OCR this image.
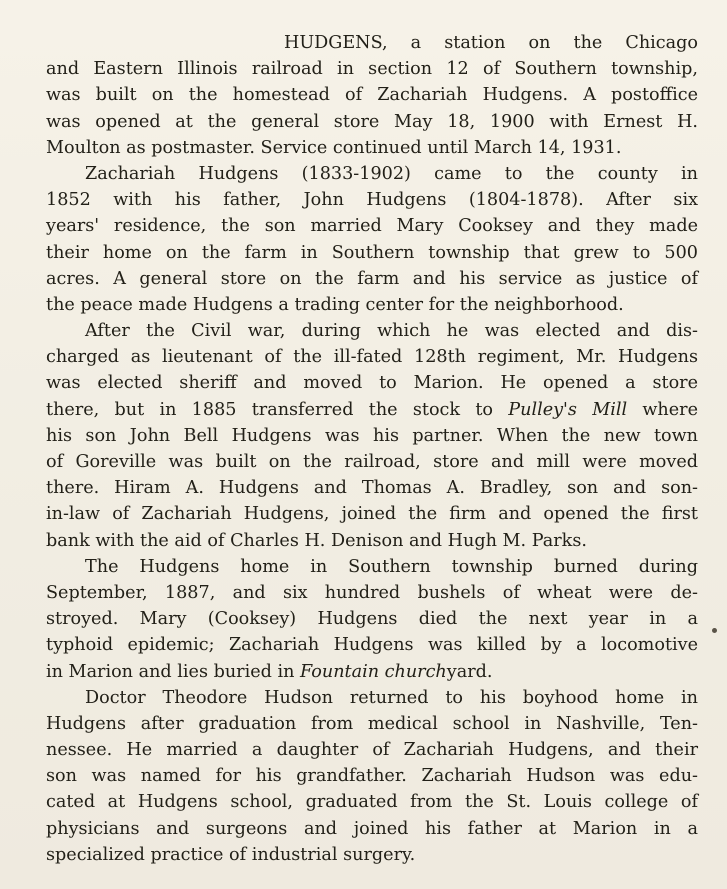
HUDGENS, a station on the Chicago
and Eastern Illinois railroad in section 12 of Southern township,
was built on the homestead of Zachariah Hudgens. A postoffice
was opened at the general store May 18, 1900 with Ernest H.
Moulton as postmaster. Service continued until March 14, 1931.
Zachariah Hudgens (1833-1902) came to the county in
1852 with his father, John Hudgens (1804-1878). After six
years' residence, the son married Mary Cooksey and they made
their home on the farm in Southern township that grew to 500
acres. A general store on the farm and his service as justice of
the peace made Hudgens a trading center for the neighborhood.
After the Civil war, during which he was elected and dis-
charged as lieutenant of the ill-fated 128th regiment, Mr. Hudgens
was elected sheriff and moved to Marion. He opened a store
there, but in 1885 transferred the stock to Pulley's Mill where
his son John Bell Hudgens was his partner. When the new town
of Goreville was built on the railroad, store and mill were moved
there. Hiram A. Hudgens and Thomas A. Bradley, son and son-
in-law of Zachariah Hudgens, joined the firm and opened the first
bank with the aid of Charles H. Denison and Hugh M. Parks.
The Hudgens home in Southern township burned during
September, 1887, and six hundred bushels of wheat were de-
stroyed. Mary (Cooksey) Hudgens died the next year in a
typhoid epidemic; Zachariah Hudgens was killed by a locomotive
in Marion and lies buried in Fountain churchyard.
Doctor Theodore Hudson returned to his boyhood home in
Hudgens after graduation from medical school in Nashville, Ten-
nessee. He married a daughter of Zachariah Hudgens, and their
son was named for his grandfather. Zachariah Hudson was edu-
cated at Hudgens school, graduated from the St. Louis college of
physicians and surgeons and joined his father at Marion in a
specialized practice of industrial surgery.
